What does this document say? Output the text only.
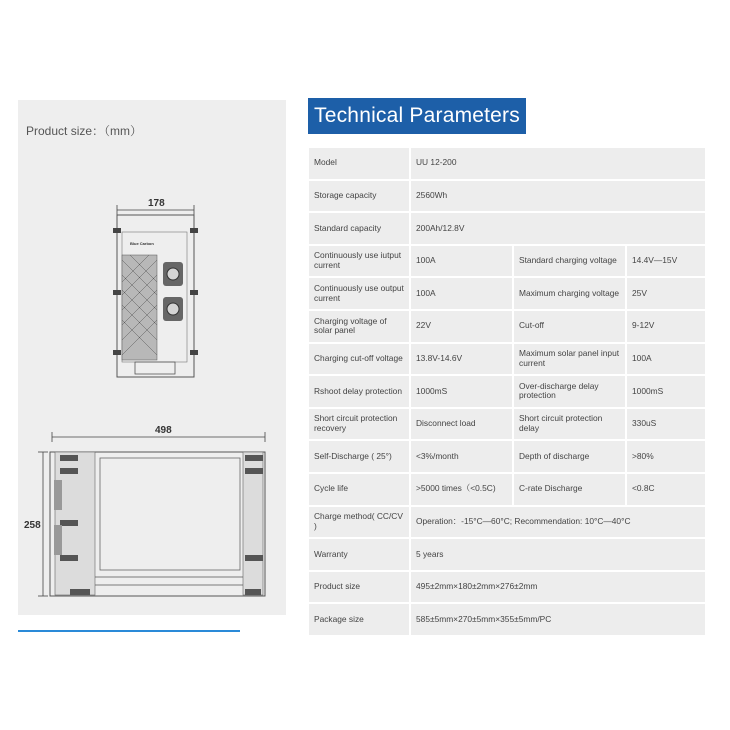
Product size：（mm）
178
Blue Carbon
498
258
Technical Parameters
Model	UU 12-200
Storage capacity	2560Wh
Standard capacity	200Ah/12.8V
Continuously use iutput current	100A	Standard charging voltage	14.4V—15V
Continuously use output current	100A	Maximum charging voltage	25V
Charging voltage of solar panel	22V	Cut-off	9-12V
Charging cut-off voltage	13.8V-14.6V	Maximum solar panel input current	100A
Rshoot delay protection	1000mS	Over-discharge delay protection	1000mS
Short circuit protection recovery	Disconnect load	Short circuit protection delay	330uS
Self-Discharge ( 25°)	<3%/month	Depth of discharge	>80%
Cycle life	>5000 times（<0.5C)	C-rate Discharge	<0.8C
Charge method( CC/CV )	Operation：-15°C—60°C; Recommendation: 10°C—40°C
Warranty	5 years
Product size	495±2mm×180±2mm×276±2mm
Package size	585±5mm×270±5mm×355±5mm/PC
